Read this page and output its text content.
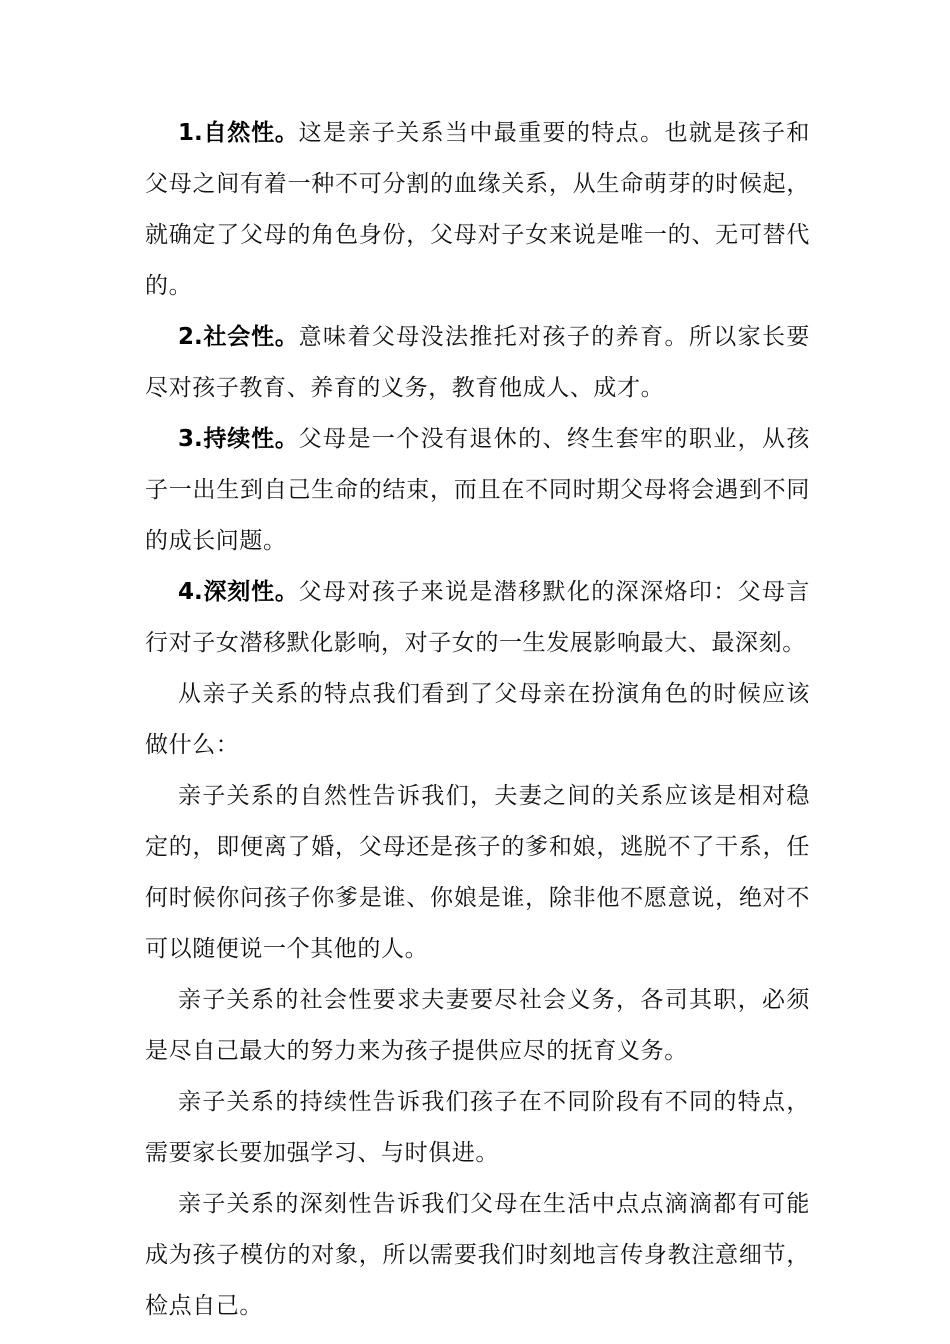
1.自然性。这是亲子关系当中最重要的特点。也就是孩子和父母之间有着一种不可分割的血缘关系，从生命萌芽的时候起，就确定了父母的角色身份，父母对子女来说是唯一的、无可替代的。

2.社会性。意味着父母没法推托对孩子的养育。所以家长要尽对孩子教育、养育的义务，教育他成人、成才。

3.持续性。父母是一个没有退休的、终生套牢的职业，从孩子一出生到自己生命的结束，而且在不同时期父母将会遇到不同的成长问题。

4.深刻性。父母对孩子来说是潜移默化的深深烙印：父母言行对子女潜移默化影响，对子女的一生发展影响最大、最深刻。

从亲子关系的特点我们看到了父母亲在扮演角色的时候应该做什么：

亲子关系的自然性告诉我们，夫妻之间的关系应该是相对稳定的，即便离了婚，父母还是孩子的爹和娘，逃脱不了干系，任何时候你问孩子你爹是谁、你娘是谁，除非他不愿意说，绝对不可以随便说一个其他的人。

亲子关系的社会性要求夫妻要尽社会义务，各司其职，必须是尽自己最大的努力来为孩子提供应尽的抚育义务。

亲子关系的持续性告诉我们孩子在不同阶段有不同的特点，需要家长要加强学习、与时俱进。

亲子关系的深刻性告诉我们父母在生活中点点滴滴都有可能成为孩子模仿的对象，所以需要我们时刻地言传身教注意细节，检点自己。
